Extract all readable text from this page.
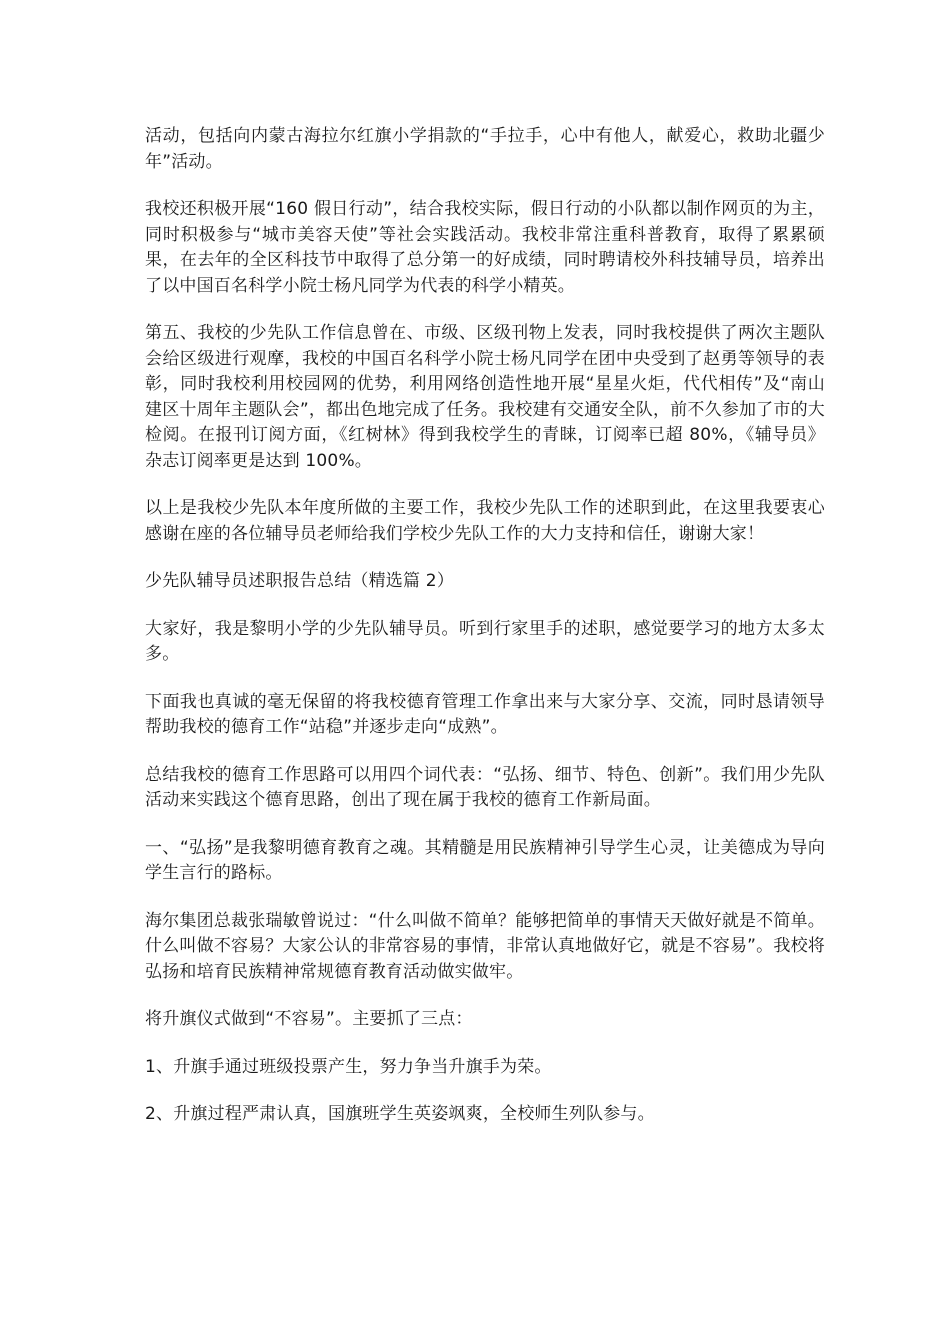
活动，包括向内蒙古海拉尔红旗小学捐款的“手拉手，心中有他人，献爱心，救助北疆少年”活动。

我校还积极开展“160 假日行动”，结合我校实际，假日行动的小队都以制作网页的为主，同时积极参与“城市美容天使”等社会实践活动。我校非常注重科普教育，取得了累累硕果，在去年的全区科技节中取得了总分第一的好成绩，同时聘请校外科技辅导员，培养出了以中国百名科学小院士杨凡同学为代表的科学小精英。

第五、我校的少先队工作信息曾在、市级、区级刊物上发表，同时我校提供了两次主题队会给区级进行观摩，我校的中国百名科学小院士杨凡同学在团中央受到了赵勇等领导的表彰，同时我校利用校园网的优势，利用网络创造性地开展“星星火炬，代代相传”及“南山建区十周年主题队会”，都出色地完成了任务。我校建有交通安全队，前不久参加了市的大检阅。在报刊订阅方面，《红树林》得到我校学生的青睐，订阅率已超 80%，《辅导员》杂志订阅率更是达到 100%。

以上是我校少先队本年度所做的主要工作，我校少先队工作的述职到此，在这里我要衷心感谢在座的各位辅导员老师给我们学校少先队工作的大力支持和信任，谢谢大家！

少先队辅导员述职报告总结（精选篇 2）

大家好，我是黎明小学的少先队辅导员。听到行家里手的述职，感觉要学习的地方太多太多。

下面我也真诚的毫无保留的将我校德育管理工作拿出来与大家分享、交流，同时恳请领导帮助我校的德育工作“站稳”并逐步走向“成熟”。

总结我校的德育工作思路可以用四个词代表：“弘扬、细节、特色、创新”。我们用少先队活动来实践这个德育思路，创出了现在属于我校的德育工作新局面。

一、“弘扬”是我黎明德育教育之魂。其精髓是用民族精神引导学生心灵，让美德成为导向学生言行的路标。

海尔集团总裁张瑞敏曾说过：“什么叫做不简单？能够把简单的事情天天做好就是不简单。什么叫做不容易？大家公认的非常容易的事情，非常认真地做好它，就是不容易”。我校将弘扬和培育民族精神常规德育教育活动做实做牢。

将升旗仪式做到“不容易”。主要抓了三点：

1、升旗手通过班级投票产生，努力争当升旗手为荣。

2、升旗过程严肃认真，国旗班学生英姿飒爽，全校师生列队参与。
